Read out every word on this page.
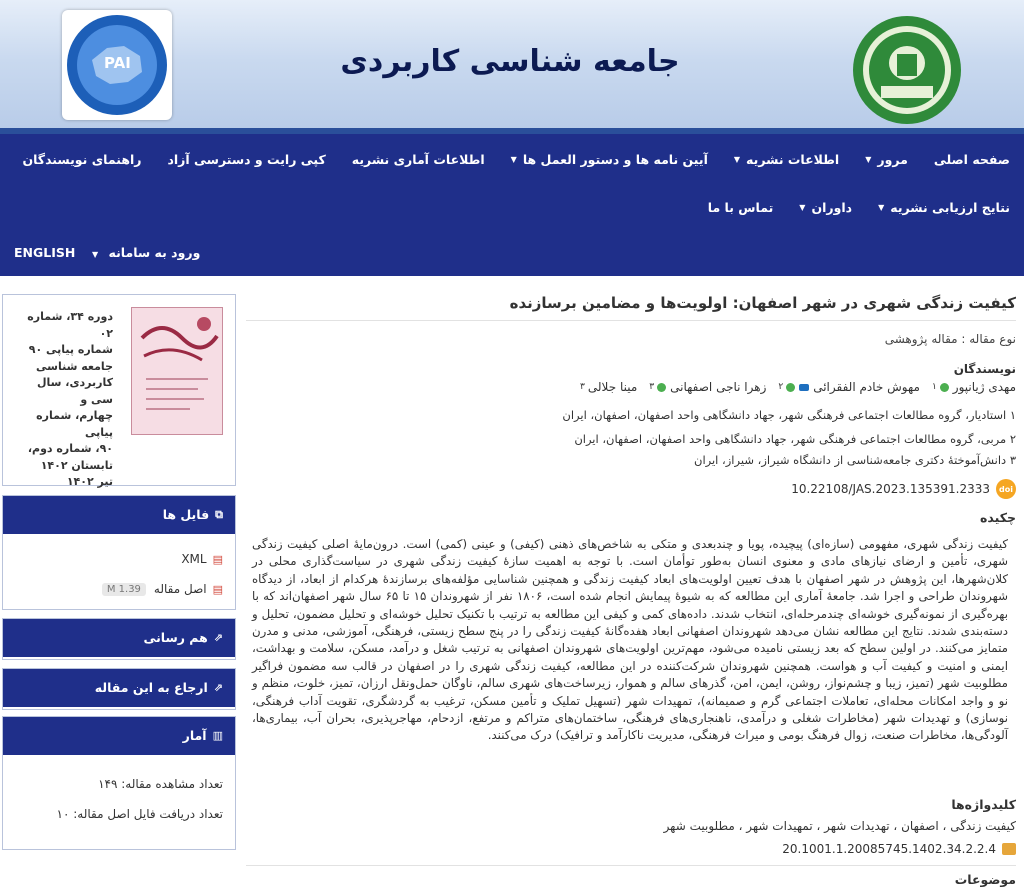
PAI	جامعه شناسی کاربردی
صفحه اصلی
مرور
▼
اطلاعات نشریه
▼
آیین نامه ها و دستور العمل ها
▼
اطلاعات آماری نشریه
کپی رایت و دسترسی آزاد
راهنمای نویسندگان
نتایج ارزیابی نشریه
▼
داوران
▼
تماس با ما
ورود به سامانه ▼
ENGLISH
دوره ۳۴، شماره ۰۲
شماره پیاپی ۹۰
جامعه شناسی
کاربردی، سال سی و
چهارم، شماره پیاپی
۹۰، شماره دوم،
تابستان ۱۴۰۲
تیر ۱۴۰۲
⧉
فایل ها
▤
XML
▤
اصل مقاله
1.39 M
⇗
هم رسانی
⇗
ارجاع به این مقاله
▥
آمار
تعداد مشاهده مقاله:

۱۴۹
تعداد دریافت فایل اصل مقاله:

۱۰
کیفیت زندگی شهری در شهر اصفهان: اولویت‌ها و مضامین برسازنده
نوع مقاله : مقاله پژوهشی
نویسندگان
مهدی ژیانپور
۱
مهوش خادم الفقرائی
۲
زهرا ناجی اصفهانی
۳
مینا جلالی
۳
۱ استادیار، گروه مطالعات اجتماعی فرهنگی شهر، جهاد دانشگاهی واحد اصفهان، اصفهان، ایران
۲ مربی، گروه مطالعات اجتماعی فرهنگی شهر، جهاد دانشگاهی واحد اصفهان، اصفهان، ایران
۳ دانش‌آموختهٔ دکتری جامعه‌شناسی از دانشگاه شیراز، شیراز، ایران
10.22108/JAS.2023.135391.2333	doi
چکیده
کیفیت زندگی شهری، مفهومی (سازه‌ای) پیچیده، پویا و چندبعدی و متکی به شاخص‌های ذهنی (کیفی) و عینی (کمی) است. درون‌مایهٔ اصلی کیفیت زندگی شهری، تأمین و ارضای نیازهای مادی و معنوی انسان به‌طور توأمان است. با توجه به اهمیت سازهٔ کیفیت زندگی شهری در سیاست‌گذاری محلی در کلان‌شهرها، این پژوهش در شهر اصفهان با هدف تعیین اولویت‌های ابعاد کیفیت زندگی و همچنین شناسایی مؤلفه‌های برسازندهٔ هرکدام از ابعاد، از دیدگاه شهروندان طراحی و اجرا شد. جامعهٔ آماری این مطالعه که به شیوهٔ پیمایش انجام شده است، ۱۸۰۶ نفر از شهروندان ۱۵ تا ۶۵ سال شهر اصفهان‌اند که با بهره‌گیری از نمونه‌گیری خوشه‌ای چندمرحله‌ای، انتخاب شدند. داده‌های کمی و کیفی این مطالعه به ترتیب با تکنیک تحلیل خوشه‌ای و تحلیل مضمون، تحلیل و دسته‌بندی شدند. نتایج این مطالعه نشان می‌دهد شهروندان اصفهانی ابعاد هفده‌گانهٔ کیفیت زندگی را در پنج سطح زیستی، فرهنگی، آموزشی، مدنی و مدرن متمایز می‌کنند. در اولین سطح که بعد زیستی نامیده می‌شود، مهم‌ترین اولویت‌های شهروندان اصفهانی به ترتیب شغل و درآمد، مسکن، سلامت و بهداشت، ایمنی و امنیت و کیفیت آب و هواست. همچنین شهروندان شرکت‌کننده در این مطالعه، کیفیت زندگی شهری را در اصفهان در قالب سه مضمون فراگیر مطلوبیت شهر (تمیز، زیبا و چشم‌نواز، روشن، ایمن، امن، گذرهای سالم و هموار، زیرساخت‌های شهری سالم، ناوگان حمل‌ونقل ارزان، تمیز، خلوت، منظم و نو و واجد امکانات محله‌ای، تعاملات اجتماعی گرم و صمیمانه)، تمهیدات شهر (تسهیل تملیک و تأمین مسکن، ترغیب به گردشگری، تقویت آداب فرهنگی، نوسازی) و تهدیدات شهر (مخاطرات شغلی و درآمدی، ناهنجاری‌های فرهنگی، ساختمان‌های متراکم و مرتفع، ازدحام، مهاجرپذیری، بحران آب، بیماری‌ها، آلودگی‌ها، مخاطرات صنعت، زوال فرهنگ بومی و میراث فرهنگی، مدیریت ناکارآمد و ترافیک) درک می‌کنند.
کلیدواژه‌ها
کیفیت زندگی ، اصفهان ، تهدیدات شهر ، تمهیدات شهر ، مطلوبیت شهر
20.1001.1.20085745.1402.34.2.2.4
موضوعات
